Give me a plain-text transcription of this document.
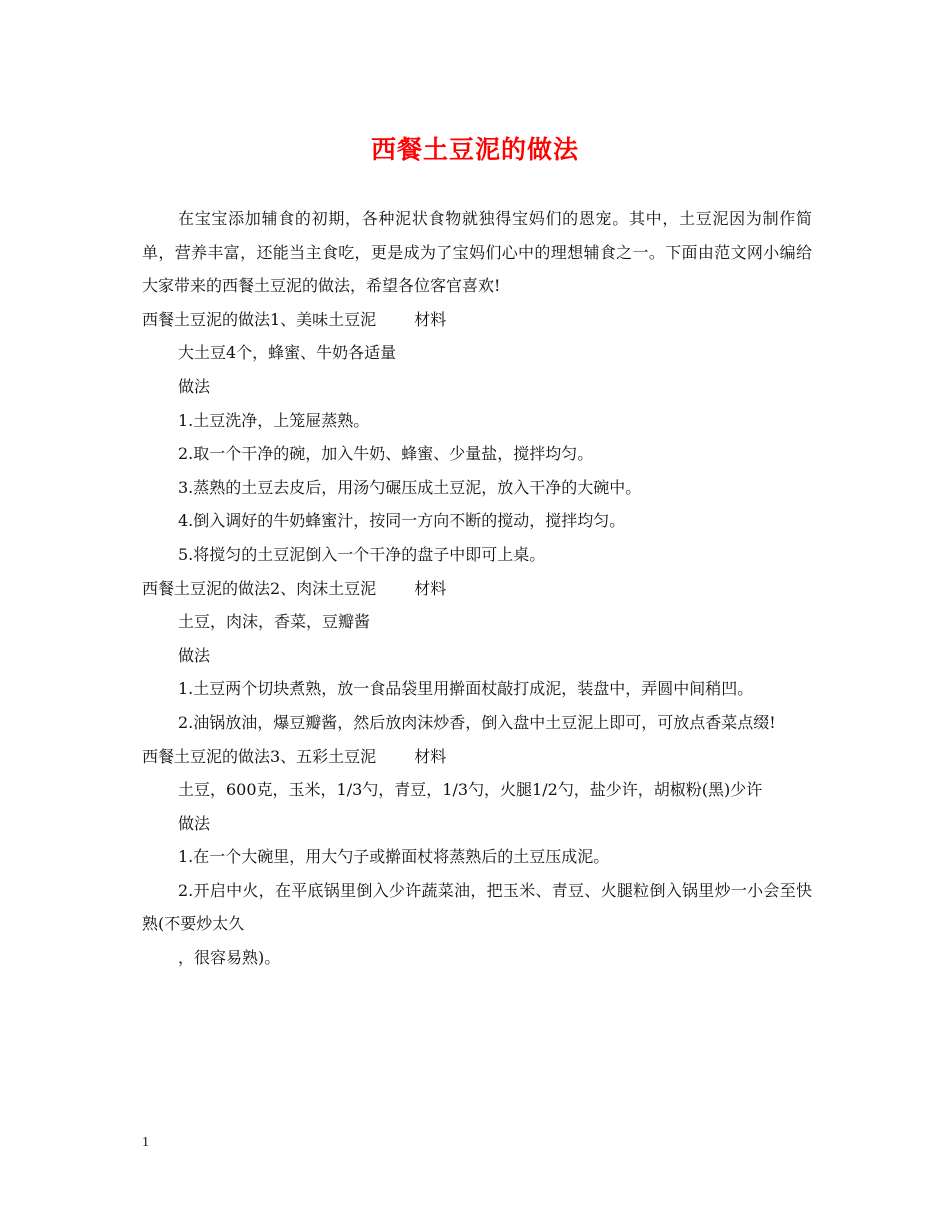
西餐土豆泥的做法

在宝宝添加辅食的初期，各种泥状食物就独得宝妈们的恩宠。其中，土豆泥因为制作简单，营养丰富，还能当主食吃，更是成为了宝妈们心中的理想辅食之一。下面由范文网小编给大家带来的西餐土豆泥的做法，希望各位客官喜欢!

西餐土豆泥的做法1、美味土豆泥 材料

大土豆4个，蜂蜜、牛奶各适量

做法

1.土豆洗净，上笼屉蒸熟。

2.取一个干净的碗，加入牛奶、蜂蜜、少量盐，搅拌均匀。

3.蒸熟的土豆去皮后，用汤勺碾压成土豆泥，放入干净的大碗中。

4.倒入调好的牛奶蜂蜜汁，按同一方向不断的搅动，搅拌均匀。

5.将搅匀的土豆泥倒入一个干净的盘子中即可上桌。

西餐土豆泥的做法2、肉沫土豆泥 材料

土豆，肉沫，香菜，豆瓣酱

做法

1.土豆两个切块煮熟，放一食品袋里用擀面杖敲打成泥，装盘中，弄圆中间稍凹。

2.油锅放油，爆豆瓣酱，然后放肉沫炒香，倒入盘中土豆泥上即可，可放点香菜点缀!

西餐土豆泥的做法3、五彩土豆泥 材料

土豆，600克，玉米，1/3勺，青豆，1/3勺，火腿1/2勺，盐少许，胡椒粉(黑)少许

做法

1.在一个大碗里，用大勺子或擀面杖将蒸熟后的土豆压成泥。

2.开启中火，在平底锅里倒入少许蔬菜油，把玉米、青豆、火腿粒倒入锅里炒一小会至快熟(不要炒太久

，很容易熟)。

1
